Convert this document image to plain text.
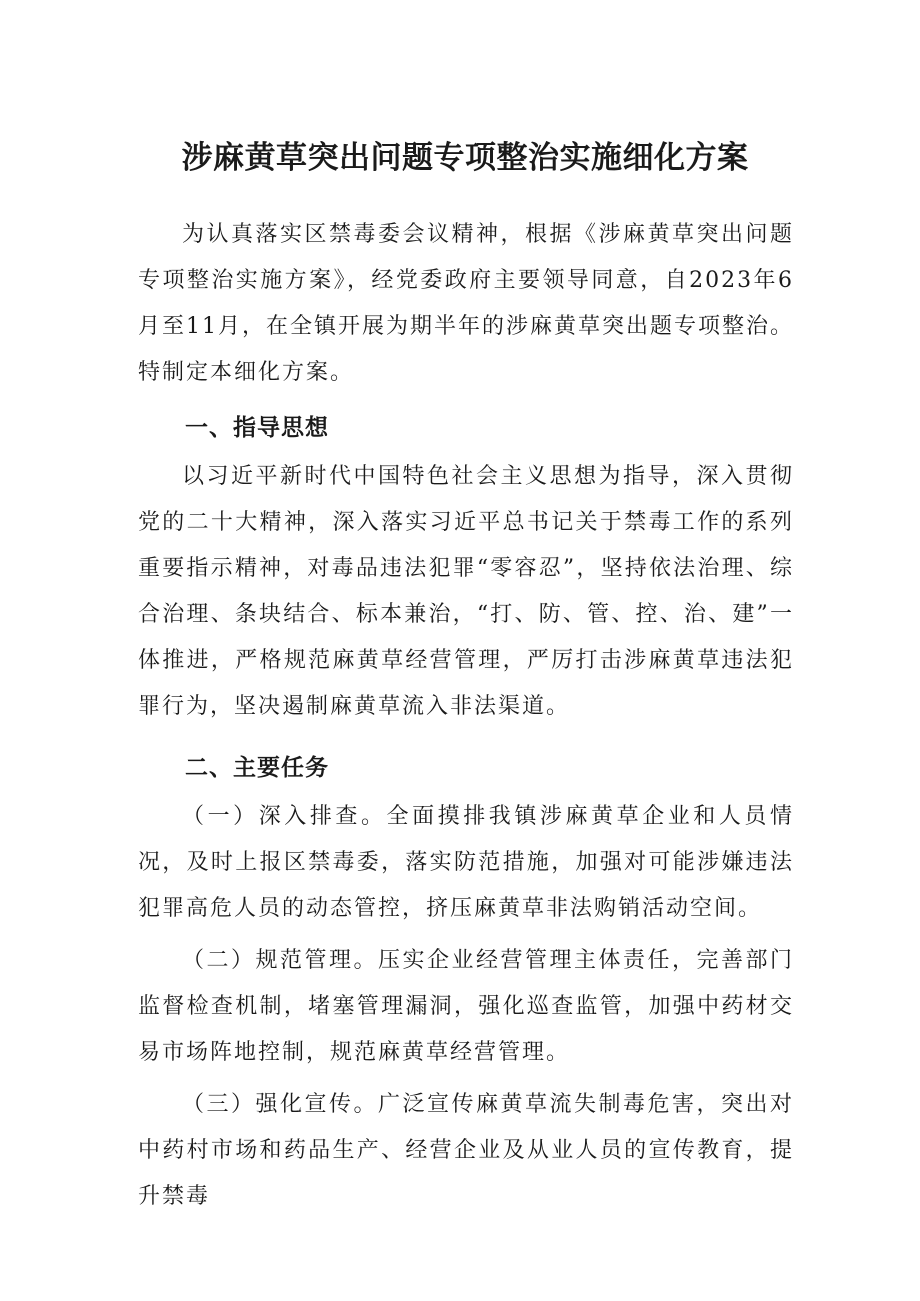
涉麻黄草突出问题专项整治实施细化方案

为认真落实区禁毒委会议精神，根据《涉麻黄草突出问题专项整治实施方案》，经党委政府主要领导同意，自2023年6月至11月，在全镇开展为期半年的涉麻黄草突出题专项整治。特制定本细化方案。

一、指导思想

以习近平新时代中国特色社会主义思想为指导，深入贯彻党的二十大精神，深入落实习近平总书记关于禁毒工作的系列重要指示精神，对毒品违法犯罪“零容忍”，坚持依法治理、综合治理、条块结合、标本兼治，“打、防、管、控、治、建”一体推进，严格规范麻黄草经营管理，严厉打击涉麻黄草违法犯罪行为，坚决遏制麻黄草流入非法渠道。

二、主要任务

（一）深入排查。全面摸排我镇涉麻黄草企业和人员情况，及时上报区禁毒委，落实防范措施，加强对可能涉嫌违法犯罪高危人员的动态管控，挤压麻黄草非法购销活动空间。

（二）规范管理。压实企业经营管理主体责任，完善部门监督检查机制，堵塞管理漏洞，强化巡查监管，加强中药材交易市场阵地控制，规范麻黄草经营管理。

（三）强化宣传。广泛宣传麻黄草流失制毒危害，突出对中药村市场和药品生产、经营企业及从业人员的宣传教育，提升禁毒
